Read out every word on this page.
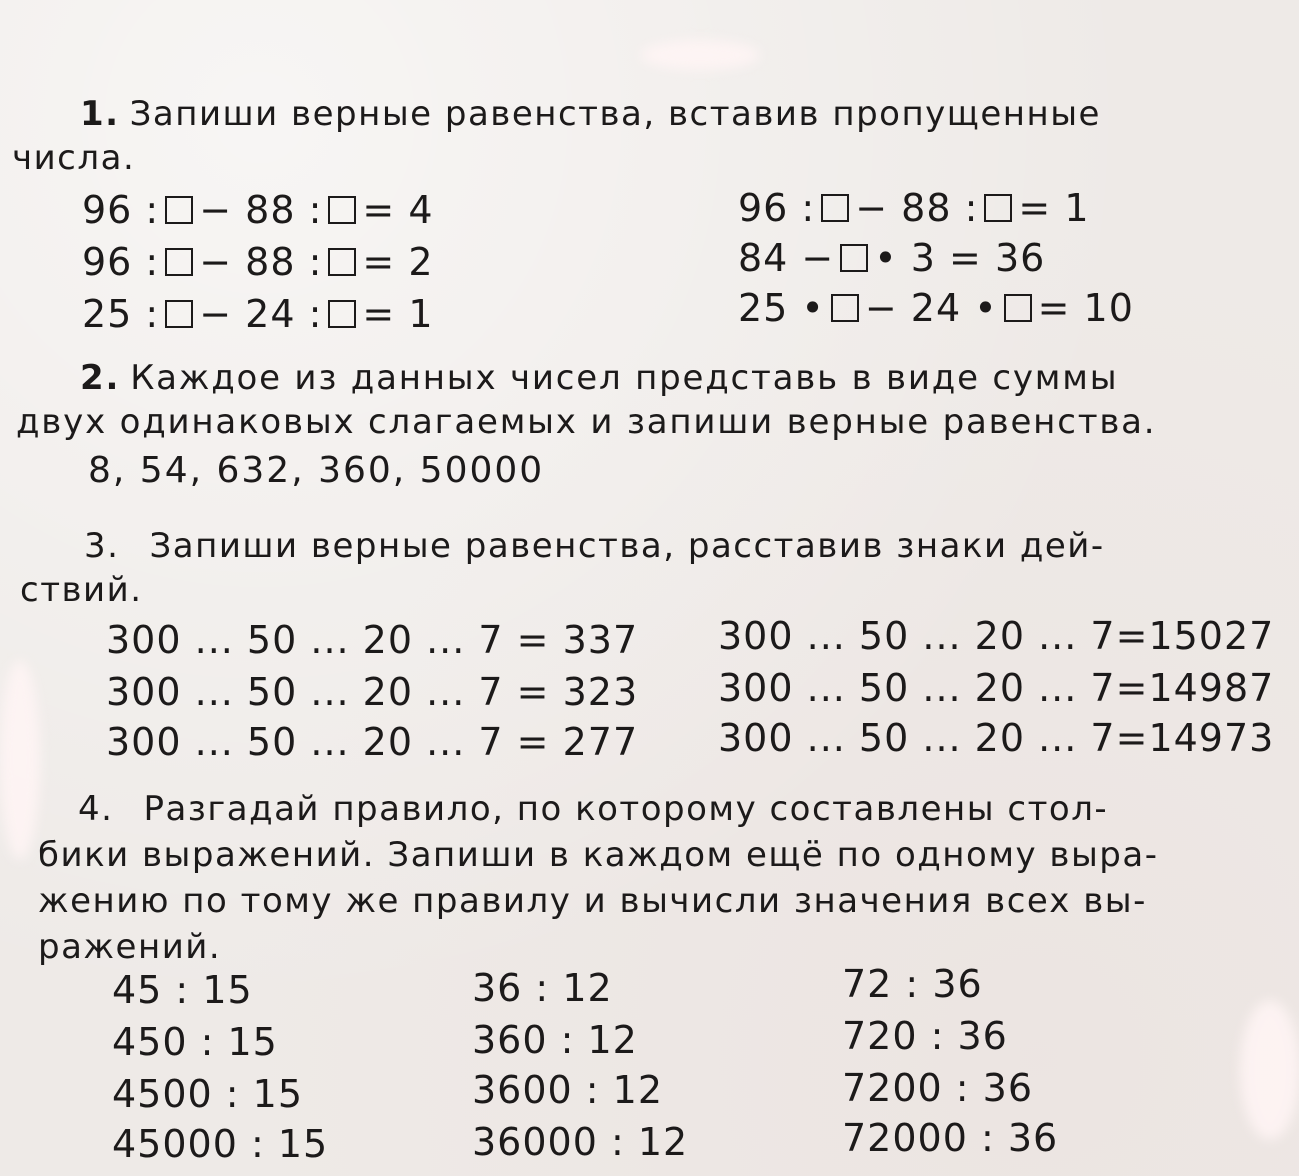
1. Запиши верные равенства, вставив пропущенные
числа.
96 : − 88 : = 4
96 : − 88 : = 2
25 : − 24 : = 1
96 : − 88 : = 1
84 − • 3 = 36
25 • − 24 • = 10
2. Каждое из данных чисел представь в виде суммы
двух одинаковых слагаемых и запиши верные равенства.
8, 54, 632, 360, 50000
3. Запиши верные равенства, расставив знаки дей-
ствий.
300 ... 50 ... 20 ... 7 = 337
300 ... 50 ... 20 ... 7 = 323
300 ... 50 ... 20 ... 7 = 277
300 ... 50 ... 20 ... 7=15027
300 ... 50 ... 20 ... 7=14987
300 ... 50 ... 20 ... 7=14973
4. Разгадай правило, по которому составлены стол-
бики выражений. Запиши в каждом ещё по одному выра-
жению по тому же правилу и вычисли значения всех вы-
ражений.
45 : 15
450 : 15
4500 : 15
45000 : 15
36 : 12
360 : 12
3600 : 12
36000 : 12
72 : 36
720 : 36
7200 : 36
72000 : 36
